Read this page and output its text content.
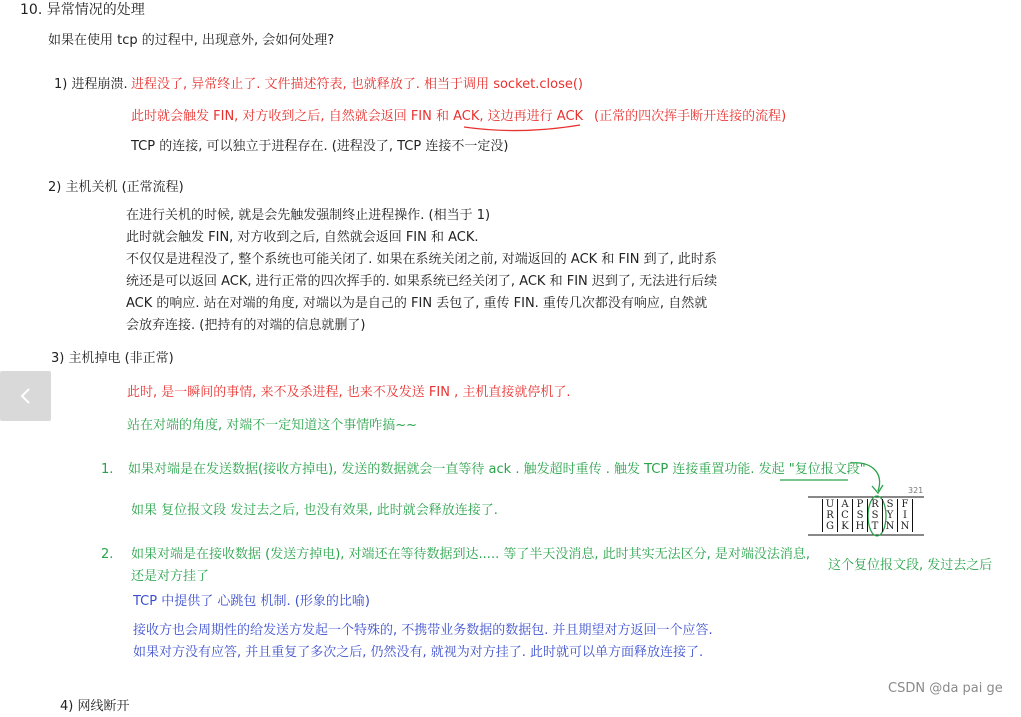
10. 异常情况的处理
如果在使用 tcp 的过程中, 出现意外, 会如何处理?
1) 进程崩溃. 进程没了, 异常终止了. 文件描述符表, 也就释放了. 相当于调用 socket.close()
此时就会触发 FIN, 对方收到之后, 自然就会返回 FIN 和 ACK, 这边再进行 ACK (正常的四次挥手断开连接的流程)
TCP 的连接, 可以独立于进程存在. (进程没了, TCP 连接不一定没)
2) 主机关机 (正常流程)
在进行关机的时候, 就是会先触发强制终止进程操作. (相当于 1)
此时就会触发 FIN, 对方收到之后, 自然就会返回 FIN 和 ACK.
不仅仅是进程没了, 整个系统也可能关闭了. 如果在系统关闭之前, 对端返回的 ACK 和 FIN 到了, 此时系
统还是可以返回 ACK, 进行正常的四次挥手的. 如果系统已经关闭了, ACK 和 FIN 迟到了, 无法进行后续
ACK 的响应. 站在对端的角度, 对端以为是自己的 FIN 丢包了, 重传 FIN. 重传几次都没有响应, 自然就
会放弃连接. (把持有的对端的信息就删了)
3) 主机掉电 (非正常)
此时, 是一瞬间的事情, 来不及杀进程, 也来不及发送 FIN , 主机直接就停机了.
站在对端的角度, 对端不一定知道这个事情咋搞~~
1. 如果对端是在发送数据(接收方掉电), 发送的数据就会一直等待 ack . 触发超时重传 . 触发 TCP 连接重置功能. 发起 "复位报文段"
如果 复位报文段 发过去之后, 也没有效果, 此时就会释放连接了.
321
U
R
G
A
C
K
P
S
H
R
S
T
S
Y
N
F
I
N
2. 如果对端是在接收数据 (发送方掉电), 对端还在等待数据到达..... 等了半天没消息, 此时其实无法区分, 是对端没法消息,
还是对方挂了
这个复位报文段, 发过去之后
TCP 中提供了 心跳包 机制. (形象的比喻)
接收方也会周期性的给发送方发起一个特殊的, 不携带业务数据的数据包. 并且期望对方返回一个应答.
如果对方没有应答, 并且重复了多次之后, 仍然没有, 就视为对方挂了. 此时就可以单方面释放连接了.
4) 网线断开
CSDN @da pai ge
